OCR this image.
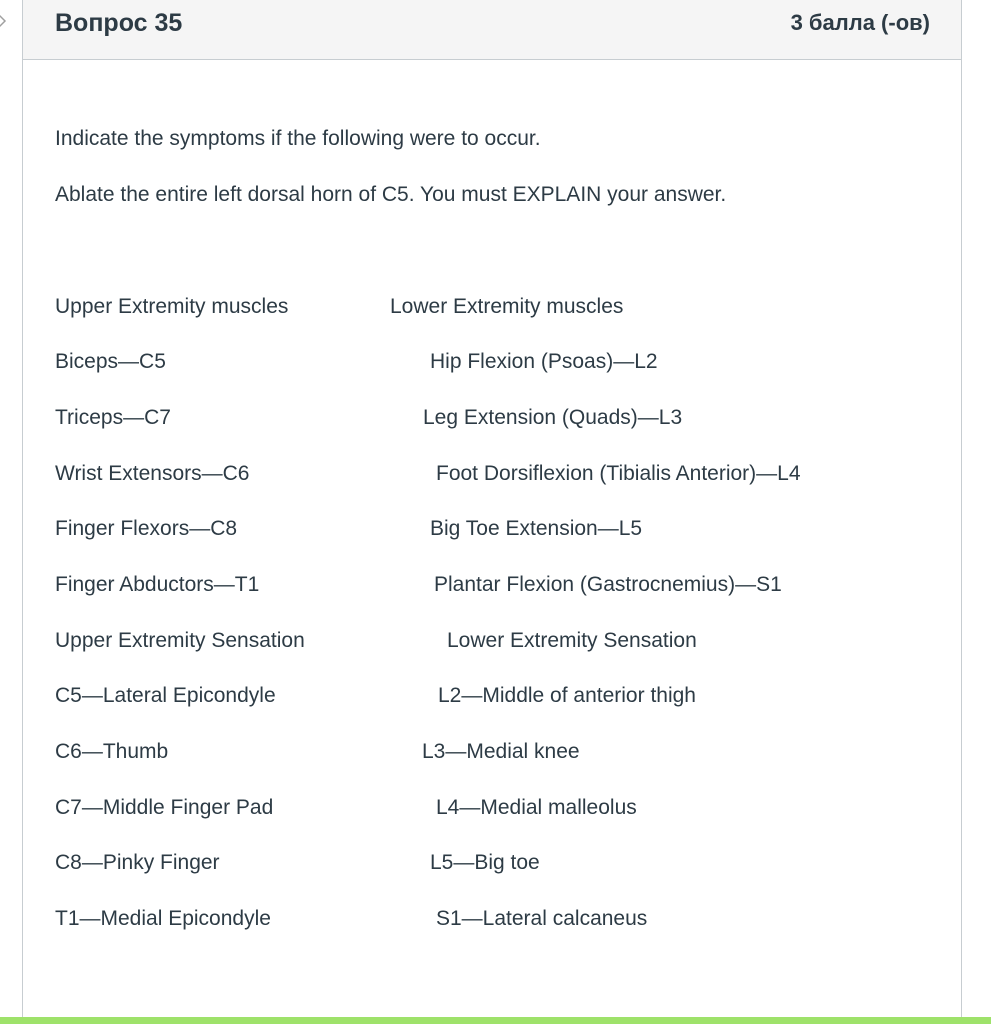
Вопрос 35	3 балла (-ов)
Indicate the symptoms if the following were to occur.
Ablate the entire left dorsal horn of C5. You must EXPLAIN your answer.
Upper Extremity muscles	Lower Extremity muscles
Biceps—C5	Hip Flexion (Psoas)—L2
Triceps—C7	Leg Extension (Quads)—L3
Wrist Extensors—C6	Foot Dorsiflexion (Tibialis Anterior)—L4
Finger Flexors—C8	Big Toe Extension—L5
Finger Abductors—T1	Plantar Flexion (Gastrocnemius)—S1
Upper Extremity Sensation	Lower Extremity Sensation
C5—Lateral Epicondyle	L2—Middle of anterior thigh
C6—Thumb	L3—Medial knee
C7—Middle Finger Pad	L4—Medial malleolus
C8—Pinky Finger	L5—Big toe
T1—Medial Epicondyle	S1—Lateral calcaneus
